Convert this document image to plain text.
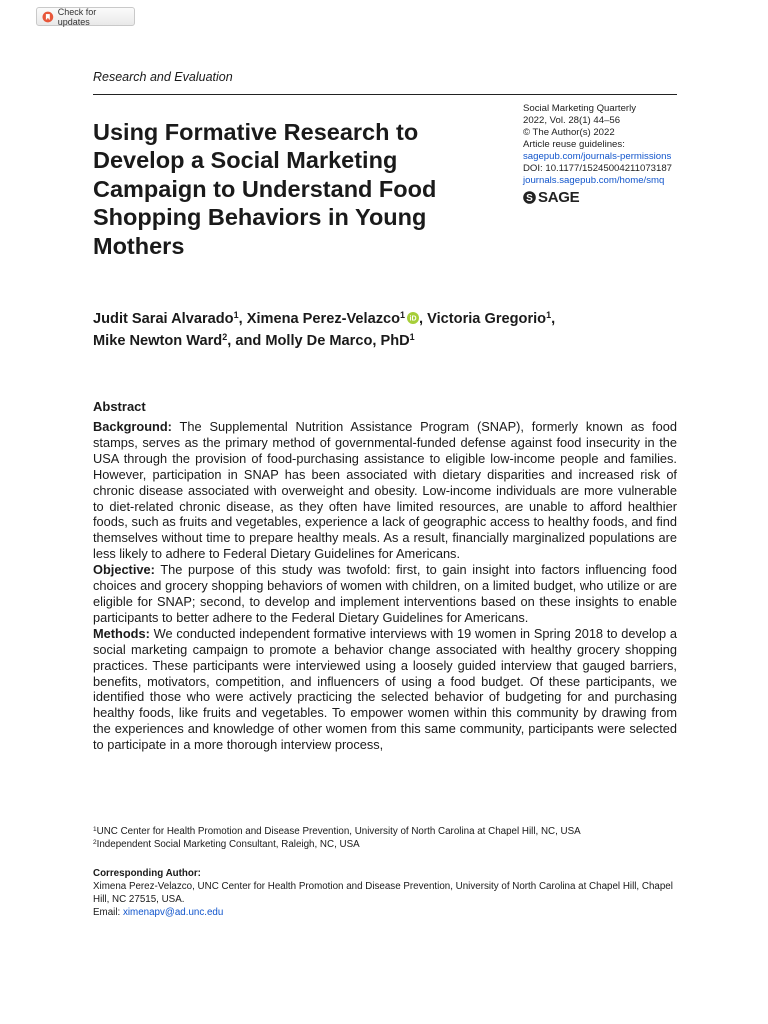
Check for updates
Research and Evaluation
Using Formative Research to Develop a Social Marketing Campaign to Understand Food Shopping Behaviors in Young Mothers
Social Marketing Quarterly
2022, Vol. 28(1) 44–56
© The Author(s) 2022
Article reuse guidelines:
sagepub.com/journals-permissions
DOI: 10.1177/15245004211073187
journals.sagepub.com/home/smq
S SAGE
Judit Sarai Alvarado$^1$, Ximena Perez-Velazco$^1$ iD , Victoria Gregorio$^1$,
Mike Newton Ward$^2$, and Molly De Marco, PhD$^1$
Abstract

Background: The Supplemental Nutrition Assistance Program (SNAP), formerly known as food stamps, serves as the primary method of governmental-funded defense against food insecurity in the USA through the provision of food-purchasing assistance to eligible low-income people and families. However, participation in SNAP has been associated with dietary disparities and increased risk of chronic disease associated with overweight and obesity. Low-income individuals are more vulnerable to diet-related chronic disease, as they often have limited resources, are unable to afford healthier foods, such as fruits and vegetables, experience a lack of geographic access to healthy foods, and find themselves without time to prepare healthy meals. As a result, financially marginalized populations are less likely to adhere to Federal Dietary Guidelines for Americans.

Objective: The purpose of this study was twofold: first, to gain insight into factors influencing food choices and grocery shopping behaviors of women with children, on a limited budget, who utilize or are eligible for SNAP; second, to develop and implement interventions based on these insights to enable participants to better adhere to the Federal Dietary Guidelines for Americans.

Methods: We conducted independent formative interviews with 19 women in Spring 2018 to develop a social marketing campaign to promote a behavior change associated with healthy grocery shopping practices. These participants were interviewed using a loosely guided interview that gauged barriers, benefits, motivators, competition, and influencers of using a food budget. Of these participants, we identified those who were actively practicing the selected behavior of budgeting for and purchasing healthy foods, like fruits and vegetables. To empower women within this community by drawing from the experiences and knowledge of other women from this same community, participants were selected to participate in a more thorough interview process,

$^1$UNC Center for Health Promotion and Disease Prevention, University of North Carolina at Chapel Hill, NC, USA
$^2$Independent Social Marketing Consultant, Raleigh, NC, USA
Corresponding Author:
Ximena Perez-Velazco, UNC Center for Health Promotion and Disease Prevention, University of North Carolina at Chapel Hill, Chapel Hill, NC 27515, USA.
Email: ximenapv@ad.unc.edu
